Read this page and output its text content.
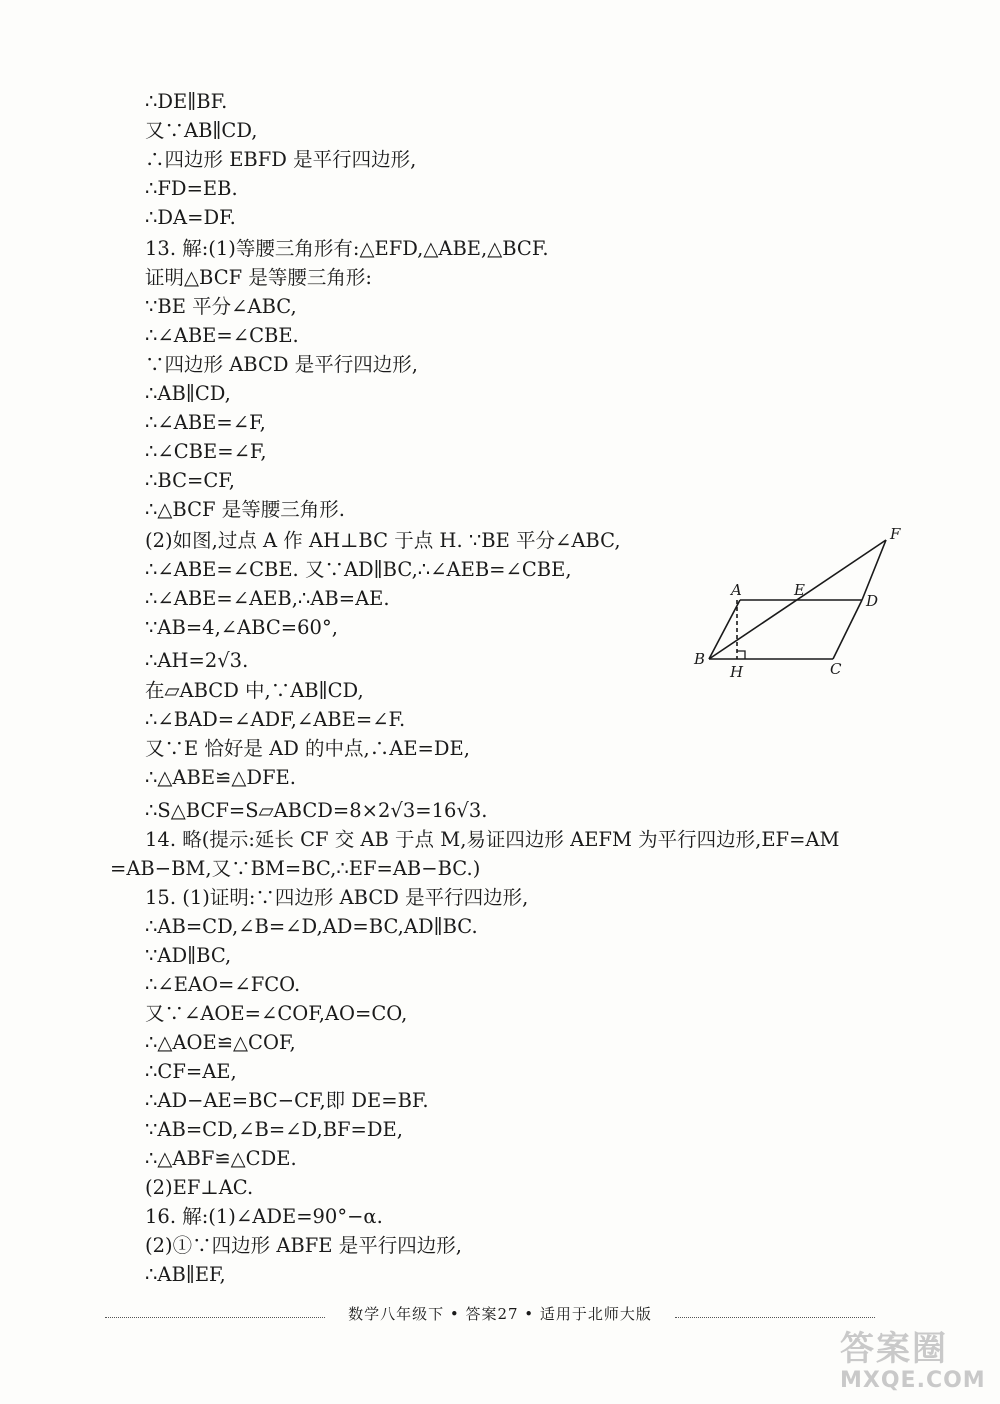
∴DE∥BF.
又∵AB∥CD,
∴四边形 EBFD 是平行四边形,
∴FD=EB.
∴DA=DF.
13. 解:(1)等腰三角形有:△EFD,△ABE,△BCF.
证明△BCF 是等腰三角形:
∵BE 平分∠ABC,
∴∠ABE=∠CBE.
∵四边形 ABCD 是平行四边形,
∴AB∥CD,
∴∠ABE=∠F,
∴∠CBE=∠F,
∴BC=CF,
∴△BCF 是等腰三角形.
(2)如图,过点 A 作 AH⊥BC 于点 H. ∵BE 平分∠ABC,
∴∠ABE=∠CBE. 又∵AD∥BC,∴∠AEB=∠CBE,
∴∠ABE=∠AEB,∴AB=AE.
∵AB=4,∠ABC=60°,
∴AH=2√3.
在▱ABCD 中,∵AB∥CD,
∴∠BAD=∠ADF,∠ABE=∠F.
又∵E 恰好是 AD 的中点,∴AE=DE,
∴△ABE≌△DFE.
∴S△BCF=S▱ABCD=8×2√3=16√3.
14. 略(提示:延长 CF 交 AB 于点 M,易证四边形 AEFM 为平行四边形,EF=AM
=AB−BM,又∵BM=BC,∴EF=AB−BC.)
15. (1)证明:∵四边形 ABCD 是平行四边形,
∴AB=CD,∠B=∠D,AD=BC,AD∥BC.
∵AD∥BC,
∴∠EAO=∠FCO.
又∵∠AOE=∠COF,AO=CO,
∴△AOE≌△COF,
∴CF=AE,
∴AD−AE=BC−CF,即 DE=BF.
∵AB=CD,∠B=∠D,BF=DE,
∴△ABF≌△CDE.
(2)EF⊥AC.
16. 解:(1)∠ADE=90°−α.
(2)①∵四边形 ABFE 是平行四边形,
∴AB∥EF,
A	E
D
F
B
H	C
数学八年级下 • 答案27 • 适用于北师大版
答案圈
MXQE.COM
